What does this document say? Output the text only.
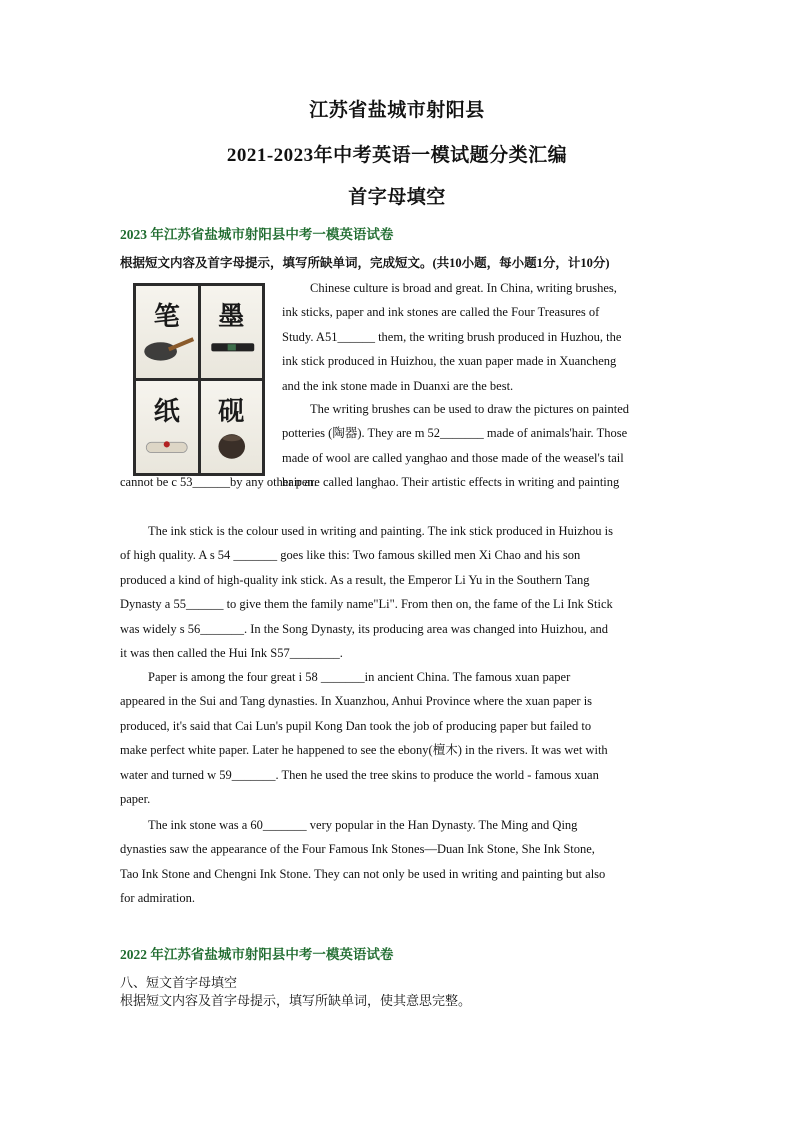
江苏省盐城市射阳县
2021-2023年中考英语一模试题分类汇编
首字母填空
2023 年江苏省盐城市射阳县中考一模英语试卷
根据短文内容及首字母提示，填写所缺单词，完成短文。(共10小题，每小题1分，计10分)
笔	墨
纸	砚
Chinese culture is broad and great. In China, writing brushes,
ink sticks, paper and ink stones are called the Four Treasures of
Study. A51______ them, the writing brush produced in Huzhou, the
ink stick produced in Huizhou, the xuan paper made in Xuancheng
and the ink stone made in Duanxi are the best.
The writing brushes can be used to draw the pictures on painted
potteries (陶器). They are m 52_______ made of animals'hair. Those
made of wool are called yanghao and those made of the weasel's tail
hair are called langhao. Their artistic effects in writing and painting
cannot be c 53______by any other pen.
The ink stick is the colour used in writing and painting. The ink stick produced in Huizhou is
of high quality. A s 54 _______ goes like this: Two famous skilled men Xi Chao and his son
produced a kind of high-quality ink stick. As a result, the Emperor Li Yu in the Southern Tang
Dynasty a 55______ to give them the family name"Li". From then on, the fame of the Li Ink Stick
was widely s 56_______. In the Song Dynasty, its producing area was changed into Huizhou, and
it was then called the Hui Ink S57________.
Paper is among the four great i 58 _______in ancient China. The famous xuan paper
appeared in the Sui and Tang dynasties. In Xuanzhou, Anhui Province where the xuan paper is
produced, it's said that Cai Lun's pupil Kong Dan took the job of producing paper but failed to
make perfect white paper. Later he happened to see the ebony(檀木) in the rivers. It was wet with
water and turned w 59_______. Then he used the tree skins to produce the world - famous xuan
paper.
The ink stone was a 60_______ very popular in the Han Dynasty. The Ming and Qing
dynasties saw the appearance of the Four Famous Ink Stones—Duan Ink Stone, She Ink Stone,
Tao Ink Stone and Chengni Ink Stone. They can not only be used in writing and painting but also
for admiration.
2022 年江苏省盐城市射阳县中考一模英语试卷
八、短文首字母填空
根据短文内容及首字母提示，填写所缺单词，使其意思完整。
